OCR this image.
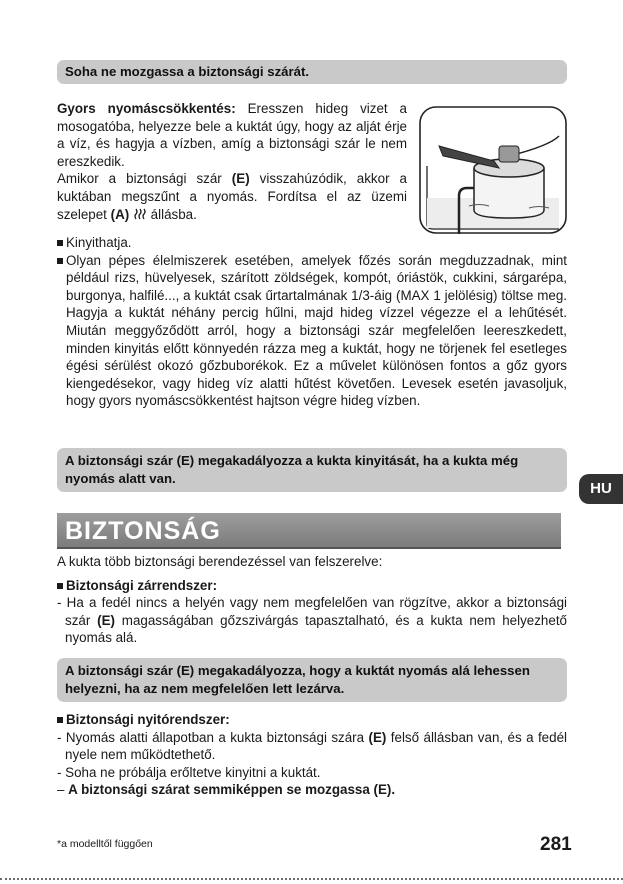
Soha ne mozgassa a biztonsági szárát.
Gyors nyomáscsökkentés: Eresszen hideg vizet a mosogatóba, helyezze bele a kuktát úgy, hogy az alját érje a víz, és hagyja a vízben, amíg a biztonsági szár le nem ereszkedik.
Amikor a biztonsági szár (E) visszahúzódik, akkor a kuktában megszűnt a nyomás. Fordítsa el az üzemi szelepet (A)  állásba.
Kinyithatja.
Olyan pépes élelmiszerek esetében, amelyek főzés során megduzzadnak, mint például rizs, hüvelyesek, szárított zöldségek, kompót, óriástök, cukkini, sárgarépa, burgonya, halfilé..., a kuktát csak űrtartalmának 1/3-áig (MAX 1 jelölésig) töltse meg. Hagyja a kuktát néhány percig hűlni, majd hideg vízzel végezze el a lehűtését. Miután meggyőződött arról, hogy a biztonsági szár megfelelően leereszkedett, minden kinyitás előtt könnyedén rázza meg a kuktát, hogy ne törjenek fel esetleges égési sérülést okozó gőzbuborékok. Ez a művelet különösen fontos a gőz gyors kiengedésekor, vagy hideg víz alatti hűtést követően. Levesek esetén javasoljuk, hogy gyors nyomáscsökkentést hajtson végre hideg vízben.
A biztonsági szár (E) megakadályozza a kukta kinyitását, ha a kukta még nyomás alatt van.
HU
BIZTONSÁG
A kukta több biztonsági berendezéssel van felszerelve:
Biztonsági zárrendszer:
- Ha a fedél nincs a helyén vagy nem megfelelően van rögzítve, akkor a biztonsági szár (E) magasságában gőzszivárgás tapasztalható, és a kukta nem helyezhető nyomás alá.
A biztonsági szár (E) megakadályozza, hogy a kuktát nyomás alá lehessen helyezni, ha az nem megfelelően lett lezárva.
Biztonsági nyitórendszer:
- Nyomás alatti állapotban a kukta biztonsági szára (E) felső állásban van, és a fedél nyele nem működtethető.
- Soha ne próbálja erőltetve kinyitni a kuktát.
– A biztonsági szárat semmiképpen se mozgassa (E).
*a modelltől függően	281
